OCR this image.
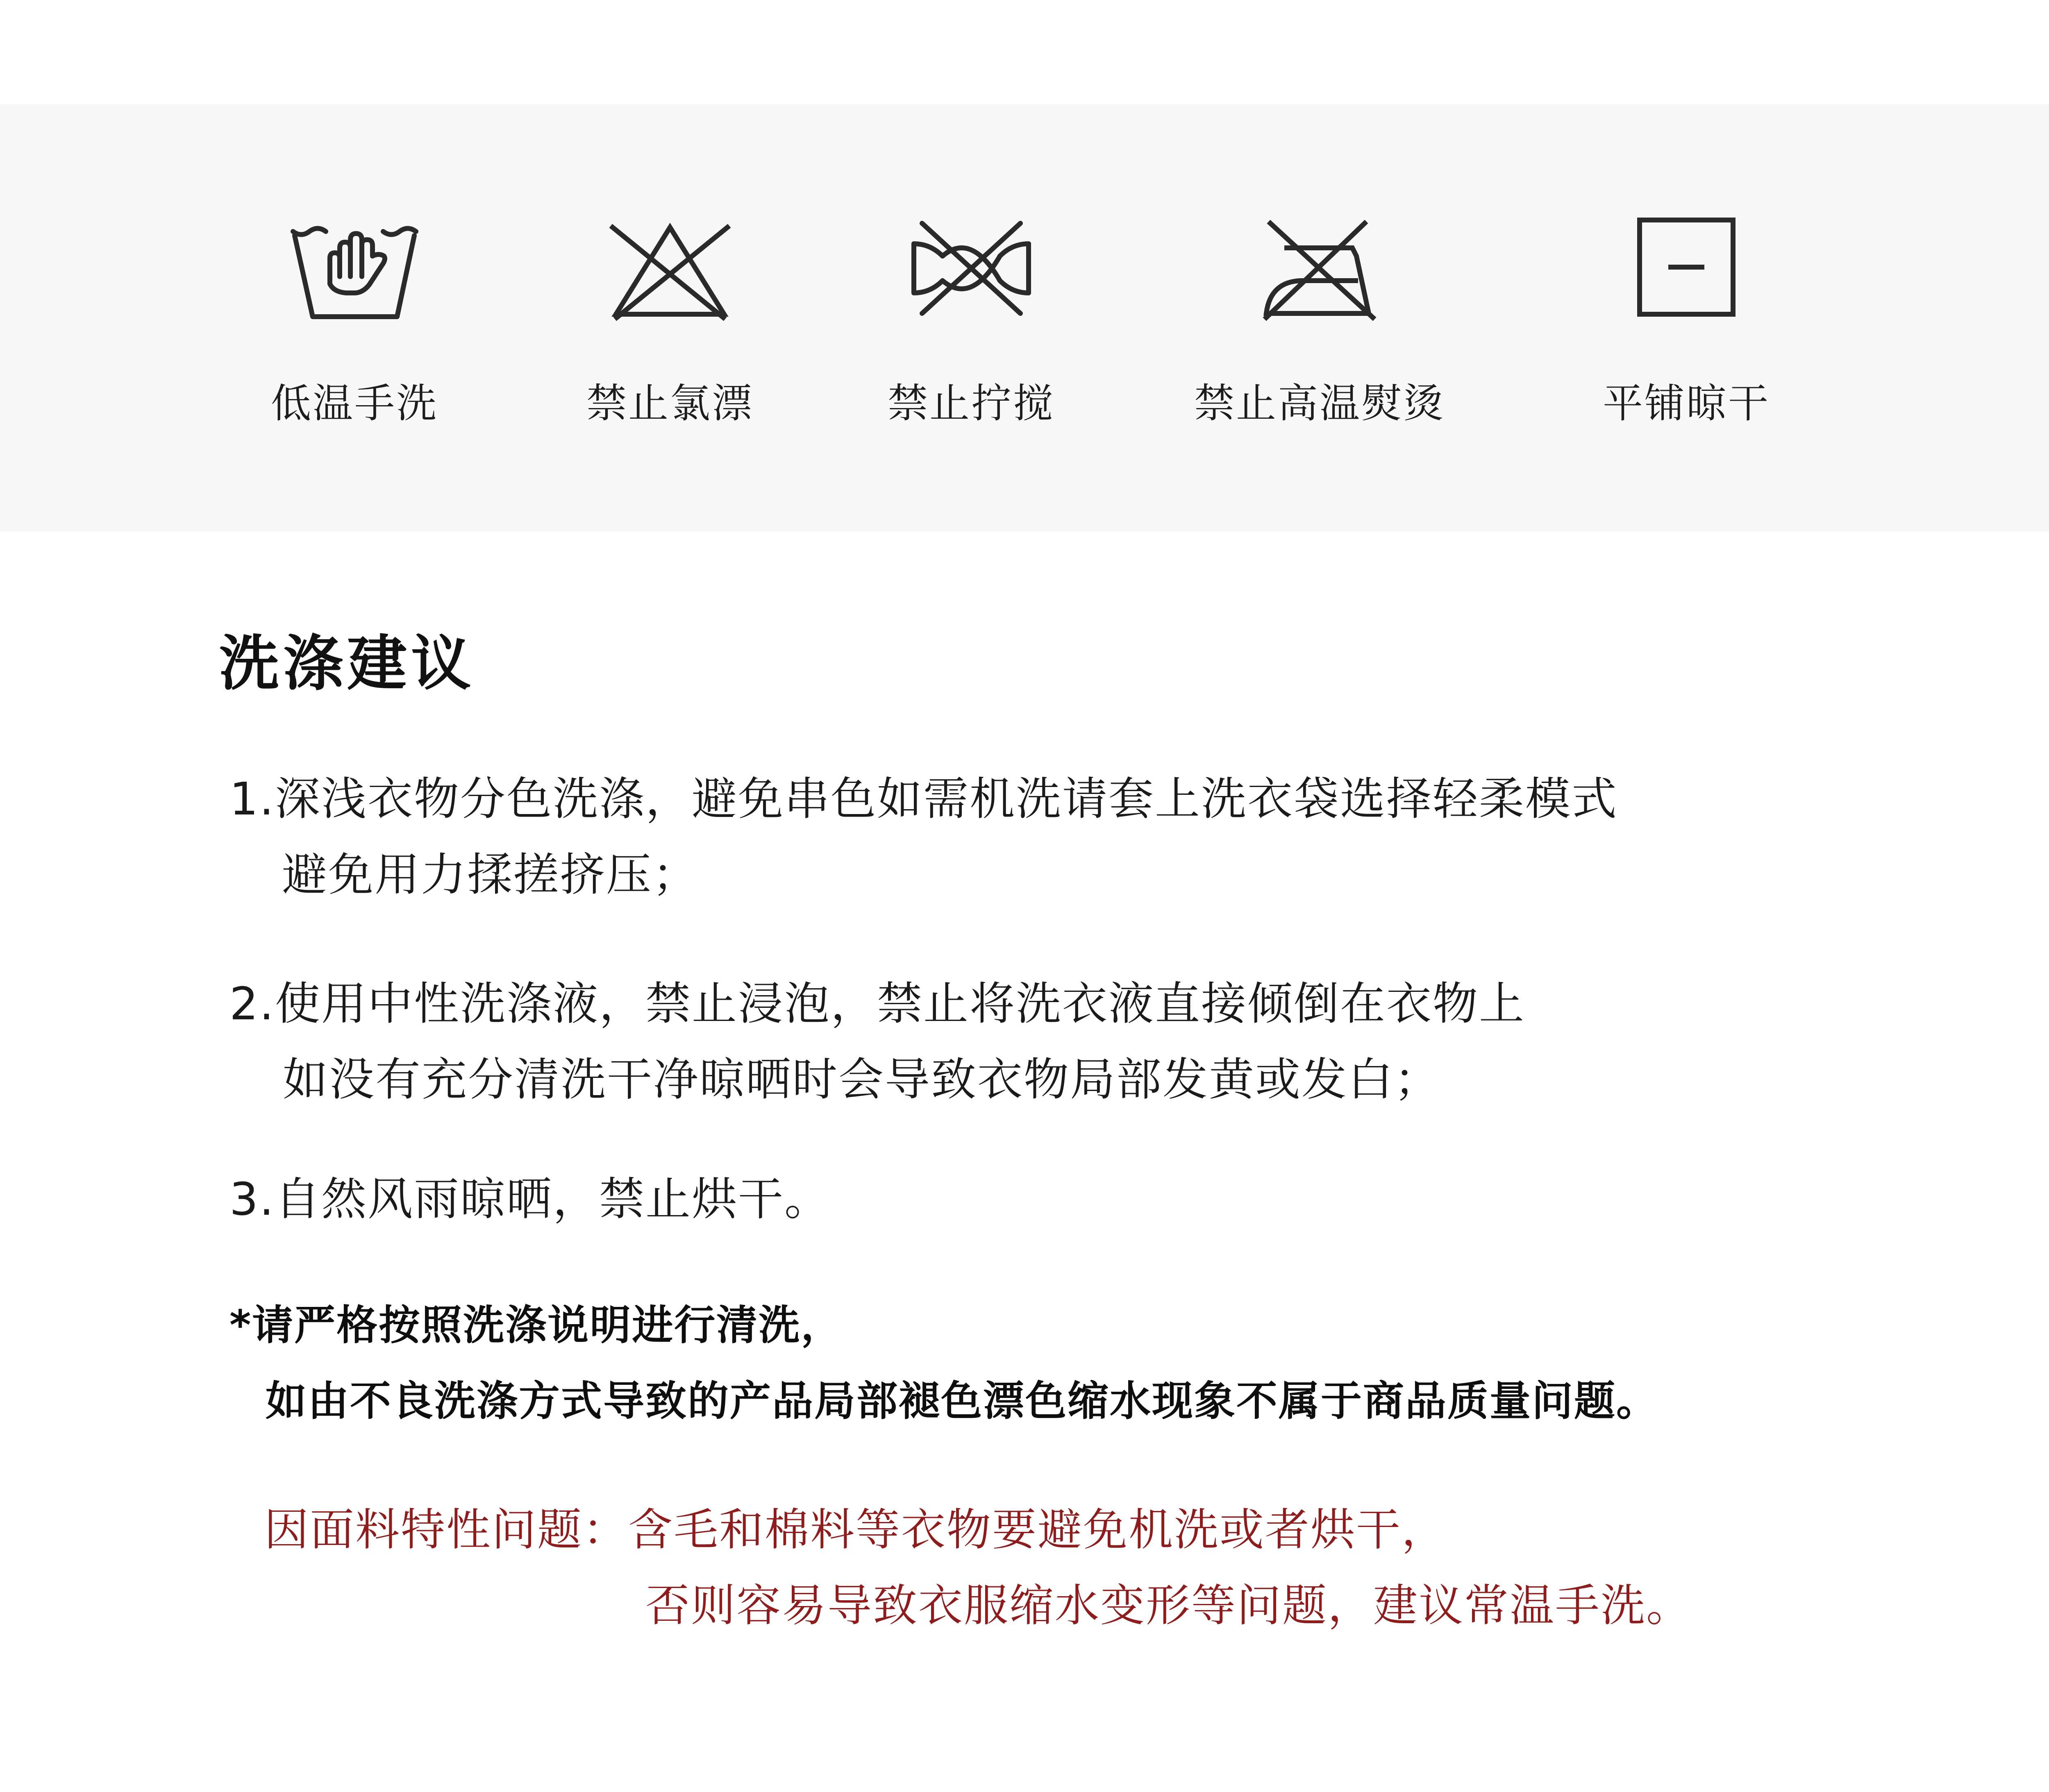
低温手洗	禁止氯漂	禁止拧搅	禁止高温熨烫	平铺晾干
洗涤建议
1.深浅衣物分色洗涤，避免串色如需机洗请套上洗衣袋选择轻柔模式
避免用力揉搓挤压；
2.使用中性洗涤液，禁止浸泡，禁止将洗衣液直接倾倒在衣物上
如没有充分清洗干净晾晒时会导致衣物局部发黄或发白；
3.自然风雨晾晒，禁止烘干。
*请严格按照洗涤说明进行清洗，
如由不良洗涤方式导致的产品局部褪色漂色缩水现象不属于商品质量问题。
因面料特性问题：含毛和棉料等衣物要避免机洗或者烘干，
否则容易导致衣服缩水变形等问题，建议常温手洗。
